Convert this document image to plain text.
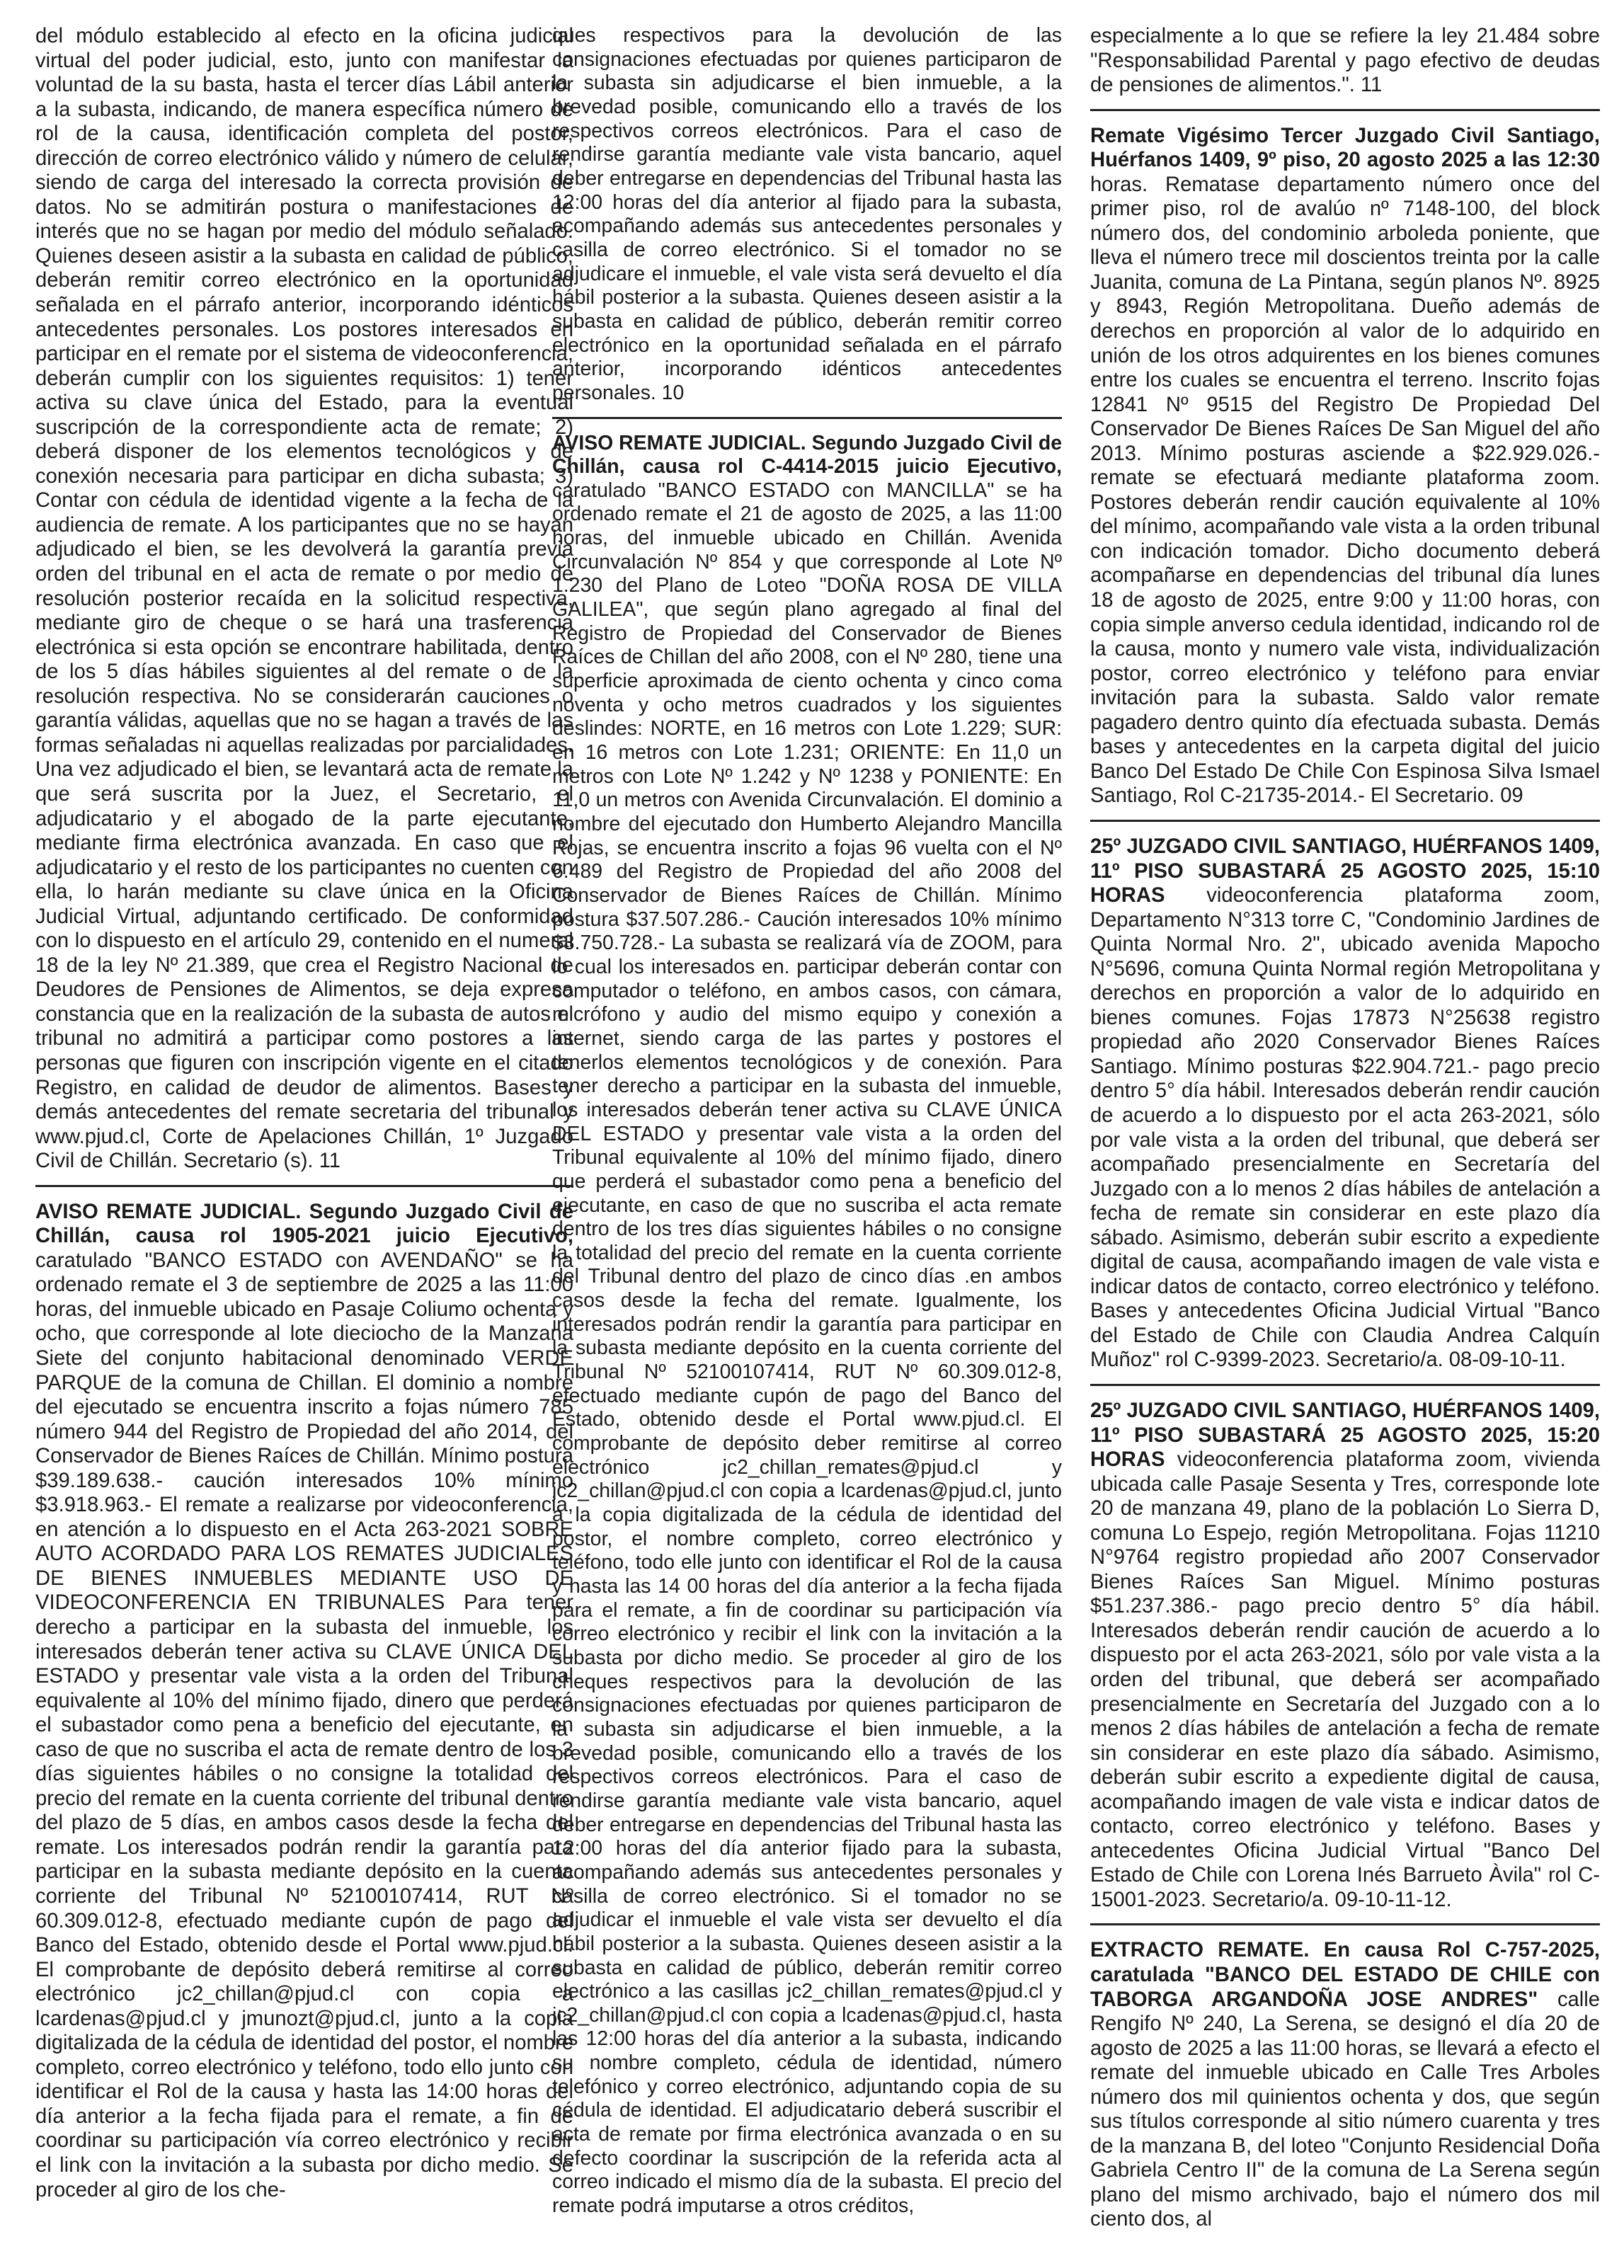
del módulo establecido al efecto en la oficina judicial virtual del poder judicial, esto, junto con manifestar la voluntad de la su basta, hasta el tercer días Lábil anterior a la subasta, indicando, de manera específica número de rol de la causa, identificación completa del postor, dirección de correo electrónico válido y número de celular, siendo de carga del interesado la correcta provisión de datos. No se admitirán postura o manifestaciones de interés que no se hagan por medio del módulo señalado. Quienes deseen asistir a la subasta en calidad de público, deberán remitir correo electrónico en la oportunidad señalada en el párrafo anterior, incorporando idénticos antecedentes personales. Los postores interesados en participar en el remate por el sistema de videoconferencia, deberán cumplir con los siguientes requisitos: 1) tener activa su clave única del Estado, para la eventual suscripción de la correspondiente acta de remate; 2) deberá disponer de los elementos tecnológicos y de conexión necesaria para participar en dicha subasta; 3) Contar con cédula de identidad vigente a la fecha de la audiencia de remate. A los participantes que no se hayan adjudicado el bien, se les devolverá la garantía previa orden del tribunal en el acta de remate o por medio de resolución posterior recaída en la solicitud respectiva, mediante giro de cheque o se hará una trasferencia electrónica si esta opción se encontrare habilitada, dentro de los 5 días hábiles siguientes al del remate o de la resolución respectiva. No se considerarán cauciones o garantía válidas, aquellas que no se hagan a través de las formas señaladas ni aquellas realizadas por parcialidades. Una vez adjudicado el bien, se levantará acta de remate la que será suscrita por la Juez, el Secretario, el adjudicatario y el abogado de la parte ejecutante, mediante firma electrónica avanzada. En caso que el adjudicatario y el resto de los participantes no cuenten con ella, lo harán mediante su clave única en la Oficina Judicial Virtual, adjuntando certificado. De conformidad con lo dispuesto en el artículo 29, contenido en el numeral 18 de la ley Nº 21.389, que crea el Registro Nacional de Deudores de Pensiones de Alimentos, se deja expresa constancia que en la realización de la subasta de autos el tribunal no admitirá a participar como postores a las personas que figuren con inscripción vigente en el citado Registro, en calidad de deudor de alimentos. Bases y demás antecedentes del remate secretaria del tribunal y www.pjud.cl, Corte de Apelaciones Chillán, 1º Juzgado Civil de Chillán. Secretario (s). 11

AVISO REMATE JUDICIAL. Segundo Juzgado Civil de Chillán, causa rol 1905-2021 juicio Ejecutivo, caratulado "BANCO ESTADO con AVENDAÑO" se ha ordenado remate el 3 de septiembre de 2025 a las 11:00 horas, del inmueble ubicado en Pasaje Coliumo ochenta y ocho, que corresponde al lote dieciocho de la Manzana Siete del conjunto habitacional denominado VERDE PARQUE de la comuna de Chillan. El dominio a nombre del ejecutado se encuentra inscrito a fojas número 785 número 944 del Registro de Propiedad del año 2014, del Conservador de Bienes Raíces de Chillán. Mínimo postura $39.189.638.- caución interesados 10% mínimo $3.918.963.- El remate a realizarse por videoconferencia, en atención a lo dispuesto en el Acta 263-2021 SOBRE AUTO ACORDADO PARA LOS REMATES JUDICIALES DE BIENES INMUEBLES MEDIANTE USO DE VIDEOCONFERENCIA EN TRIBUNALES Para tener derecho a participar en la subasta del inmueble, los interesados deberán tener activa su CLAVE ÚNICA DEL ESTADO y presentar vale vista a la orden del Tribunal equivalente al 10% del mínimo fijado, dinero que perderá el subastador como pena a beneficio del ejecutante, en caso de que no suscriba el acta de remate dentro de los 3 días siguientes hábiles o no consigne la totalidad del precio del remate en la cuenta corriente del tribunal dentro del plazo de 5 días, en ambos casos desde la fecha del remate. Los interesados podrán rendir la garantía para participar en la subasta mediante depósito en la cuenta corriente del Tribunal Nº 52100107414, RUT Nº 60.309.012-8, efectuado mediante cupón de pago del Banco del Estado, obtenido desde el Portal www.pjud.cl. El comprobante de depósito deberá remitirse al correo electrónico jc2_chillan@pjud.cl con copia a lcardenas@pjud.cl y jmunozt@pjud.cl, junto a la copia digitalizada de la cédula de identidad del postor, el nombre completo, correo electrónico y teléfono, todo ello junto con identificar el Rol de la causa y hasta las 14:00 horas del día anterior a la fecha fijada para el remate, a fin de coordinar su participación vía correo electrónico y recibir el link con la invitación a la subasta por dicho medio. Se proceder al giro de los che-

ques respectivos para la devolución de las consignaciones efectuadas por quienes participaron de la subasta sin adjudicarse el bien inmueble, a la brevedad posible, comunicando ello a través de los respectivos correos electrónicos. Para el caso de rendirse garantía mediante vale vista bancario, aquel deber entregarse en dependencias del Tribunal hasta las 12:00 horas del día anterior al fijado para la subasta, acompañando además sus antecedentes personales y casilla de correo electrónico. Si el tomador no se adjudicare el inmueble, el vale vista será devuelto el día hábil posterior a la subasta. Quienes deseen asistir a la subasta en calidad de público, deberán remitir correo electrónico en la oportunidad señalada en el párrafo anterior, incorporando idénticos antecedentes personales. 10

AVISO REMATE JUDICIAL. Segundo Juzgado Civil de Chillán, causa rol C-4414-2015 juicio Ejecutivo, caratulado "BANCO ESTADO con MANCILLA" se ha ordenado remate el 21 de agosto de 2025, a las 11:00 horas, del inmueble ubicado en Chillán. Avenida Circunvalación Nº 854 y que corresponde al Lote Nº 1.230 del Plano de Loteo "DOÑA ROSA DE VILLA GALILEA", que según plano agregado al final del Registro de Propiedad del Conservador de Bienes Raíces de Chillan del año 2008, con el Nº 280, tiene una superficie aproximada de ciento ochenta y cinco coma noventa y ocho metros cuadrados y los siguientes deslindes: NORTE, en 16 metros con Lote 1.229; SUR: en 16 metros con Lote 1.231; ORIENTE: En 11,0 un metros con Lote Nº 1.242 y Nº 1238 y PONIENTE: En 11,0 un metros con Avenida Circunvalación. El dominio a nombre del ejecutado don Humberto Alejandro Mancilla Rojas, se encuentra inscrito a fojas 96 vuelta con el Nº 6.489 del Registro de Propiedad del año 2008 del Conservador de Bienes Raíces de Chillán. Mínimo postura $37.507.286.- Caución interesados 10% mínimo $3.750.728.- La subasta se realizará vía de ZOOM, para lo cual los interesados en. participar deberán contar con computador o teléfono, en ambos casos, con cámara, micrófono y audio del mismo equipo y conexión a internet, siendo carga de las partes y postores el tenerlos elementos tecnológicos y de conexión. Para tener derecho a participar en la subasta del inmueble, los interesados deberán tener activa su CLAVE ÚNICA DEL ESTADO y presentar vale vista a la orden del Tribunal equivalente al 10% del mínimo fijado, dinero que perderá el subastador como pena a beneficio del ejecutante, en caso de que no suscriba el acta remate dentro de los tres días siguientes hábiles o no consigne la totalidad del precio del remate en la cuenta corriente del Tribunal dentro del plazo de cinco días .en ambos casos desde la fecha del remate. Igualmente, los interesados podrán rendir la garantía para participar en la subasta mediante depósito en la cuenta corriente del Tribunal Nº 52100107414, RUT Nº 60.309.012-8, efectuado mediante cupón de pago del Banco del Estado, obtenido desde el Portal www.pjud.cl. El comprobante de depósito deber remitirse al correo electrónico jc2_chillan_remates@pjud.cl y jc2_chillan@pjud.cl con copia a lcardenas@pjud.cl, junto a la copia digitalizada de la cédula de identidad del postor, el nombre completo, correo electrónico y teléfono, todo elle junto con identificar el Rol de la causa y hasta las 14 00 horas del día anterior a la fecha fijada para el remate, a fin de coordinar su participación vía correo electrónico y recibir el link con la invitación a la subasta por dicho medio. Se proceder al giro de los cheques respectivos para la devolución de las consignaciones efectuadas por quienes participaron de la subasta sin adjudicarse el bien inmueble, a la brevedad posible, comunicando ello a través de los respectivos correos electrónicos. Para el caso de rendirse garantía mediante vale vista bancario, aquel deber entregarse en dependencias del Tribunal hasta las 12:00 horas del día anterior fijado para la subasta, acompañando además sus antecedentes personales y casilla de correo electrónico. Si el tomador no se adjudicar el inmueble el vale vista ser devuelto el día hábil posterior a la subasta. Quienes deseen asistir a la subasta en calidad de público, deberán remitir correo electrónico a las casillas jc2_chillan_remates@pjud.cl y jc2_chillan@pjud.cl con copia a lcadenas@pjud.cl, hasta las 12:00 horas del día anterior a la subasta, indicando su nombre completo, cédula de identidad, número telefónico y correo electrónico, adjuntando copia de su cédula de identidad. El adjudicatario deberá suscribir el acta de remate por firma electrónica avanzada o en su defecto coordinar la suscripción de la referida acta al correo indicado el mismo día de la subasta. El precio del remate podrá imputarse a otros créditos,

especialmente a lo que se refiere la ley 21.484 sobre "Responsabilidad Parental y pago efectivo de deudas de pensiones de alimentos.". 11

Remate Vigésimo Tercer Juzgado Civil Santiago, Huérfanos 1409, 9º piso, 20 agosto 2025 a las 12:30 horas. Rematase departamento número once del primer piso, rol de avalúo nº 7148-100, del block número dos, del condominio arboleda poniente, que lleva el número trece mil doscientos treinta por la calle Juanita, comuna de La Pintana, según planos Nº. 8925 y 8943, Región Metropolitana. Dueño además de derechos en proporción al valor de lo adquirido en unión de los otros adquirentes en los bienes comunes entre los cuales se encuentra el terreno. Inscrito fojas 12841 Nº 9515 del Registro De Propiedad Del Conservador De Bienes Raíces De San Miguel del año 2013. Mínimo posturas asciende a $22.929.026.- remate se efectuará mediante plataforma zoom. Postores deberán rendir caución equivalente al 10% del mínimo, acompañando vale vista a la orden tribunal con indicación tomador. Dicho documento deberá acompañarse en dependencias del tribunal día lunes 18 de agosto de 2025, entre 9:00 y 11:00 horas, con copia simple anverso cedula identidad, indicando rol de la causa, monto y numero vale vista, individualización postor, correo electrónico y teléfono para enviar invitación para la subasta. Saldo valor remate pagadero dentro quinto día efectuada subasta. Demás bases y antecedentes en la carpeta digital del juicio Banco Del Estado De Chile Con Espinosa Silva Ismael Santiago, Rol C-21735-2014.- El Secretario. 09

25º JUZGADO CIVIL SANTIAGO, HUÉRFANOS 1409, 11º PISO SUBASTARÁ 25 AGOSTO 2025, 15:10 HORAS videoconferencia plataforma zoom, Departamento N°313 torre C, "Condominio Jardines de Quinta Normal Nro. 2", ubicado avenida Mapocho N°5696, comuna Quinta Normal región Metropolitana y derechos en proporción a valor de lo adquirido en bienes comunes. Fojas 17873 N°25638 registro propiedad año 2020 Conservador Bienes Raíces Santiago. Mínimo posturas $22.904.721.- pago precio dentro 5° día hábil. Interesados deberán rendir caución de acuerdo a lo dispuesto por el acta 263-2021, sólo por vale vista a la orden del tribunal, que deberá ser acompañado presencialmente en Secretaría del Juzgado con a lo menos 2 días hábiles de antelación a fecha de remate sin considerar en este plazo día sábado. Asimismo, deberán subir escrito a expediente digital de causa, acompañando imagen de vale vista e indicar datos de contacto, correo electrónico y teléfono. Bases y antecedentes Oficina Judicial Virtual "Banco del Estado de Chile con Claudia Andrea Calquín Muñoz" rol C-9399-2023. Secretario/a. 08-09-10-11.

25º JUZGADO CIVIL SANTIAGO, HUÉRFANOS 1409, 11º PISO SUBASTARÁ 25 AGOSTO 2025, 15:20 HORAS videoconferencia plataforma zoom, vivienda ubicada calle Pasaje Sesenta y Tres, corresponde lote 20 de manzana 49, plano de la población Lo Sierra D, comuna Lo Espejo, región Metropolitana. Fojas 11210 N°9764 registro propiedad año 2007 Conservador Bienes Raíces San Miguel. Mínimo posturas $51.237.386.- pago precio dentro 5° día hábil. Interesados deberán rendir caución de acuerdo a lo dispuesto por el acta 263-2021, sólo por vale vista a la orden del tribunal, que deberá ser acompañado presencialmente en Secretaría del Juzgado con a lo menos 2 días hábiles de antelación a fecha de remate sin considerar en este plazo día sábado. Asimismo, deberán subir escrito a expediente digital de causa, acompañando imagen de vale vista e indicar datos de contacto, correo electrónico y teléfono. Bases y antecedentes Oficina Judicial Virtual "Banco Del Estado de Chile con Lorena Inés Barrueto Àvila" rol C-15001-2023. Secretario/a. 09-10-11-12.

EXTRACTO REMATE. En causa Rol C-757-2025, caratulada "BANCO DEL ESTADO DE CHILE con TABORGA ARGANDOÑA JOSE ANDRES" calle Rengifo Nº 240, La Serena, se designó el día 20 de agosto de 2025 a las 11:00 horas, se llevará a efecto el remate del inmueble ubicado en Calle Tres Arboles número dos mil quinientos ochenta y dos, que según sus títulos corresponde al sitio número cuarenta y tres de la manzana B, del loteo "Conjunto Residencial Doña Gabriela Centro II" de la comuna de La Serena según plano del mismo archivado, bajo el número dos mil ciento dos, al
